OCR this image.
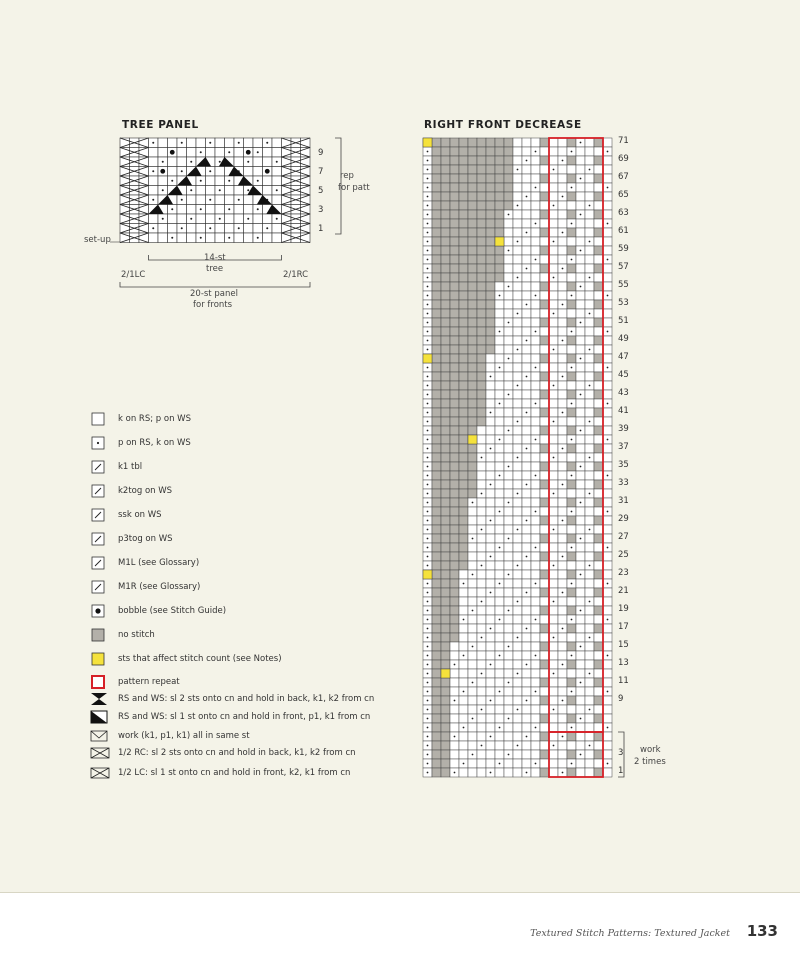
TREE PANEL
9
7
5
3
1
rep
for patt
set-up
14-st
tree
2/1LC	2/1RC
20-st panel
for fronts
RIGHT FRONT DECREASE
71
69
67
65
63
61
59
57
55
53
51
49
47
45
43
41
39
37
35
33
31
29
27
25
23
21
19
17
15
13
11
9
3
1
work
2 times
k on RS; p on WS
p on RS, k on WS
k1 tbl
k2tog on WS
ssk on WS
p3tog on WS
M1L (see Glossary)
M1R (see Glossary)
bobble (see Stitch Guide)
no stitch
sts that affect stitch count (see Notes)
pattern repeat
RS and WS: sl 2 sts onto cn and hold in back, k1, k2 from cn
RS and WS: sl 1 st onto cn and hold in front, p1, k1 from cn
work (k1, p1, k1) all in same st
1/2 RC: sl 2 sts onto cn and hold in back, k1, k2 from cn
1/2 LC: sl 1 st onto cn and hold in front, k2, k1 from cn
Textured Stitch Patterns: Textured Jacket 133
